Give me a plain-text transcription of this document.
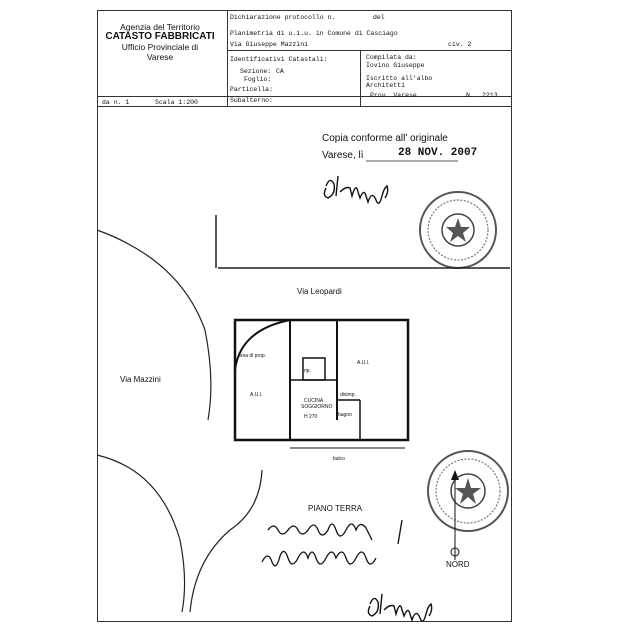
Agenzia del Territorio
CATASTO FABBRICATI
Ufficio Provinciale di
Varese
Dichiarazione protocollo n.	del
Planimetria di u.i.u. in Comune di Casciago
Via Giuseppe Mazzini	civ. 2
Identificativi Catastali:
Sezione: CA
Foglio:
Particella:
Subalterno:
Compilata da:
Iovino Giuseppe
Iscritto all'albo
Architetti
Prov. Varese	N. 2213
da n. 1	Scala 1:200
Copia conforme all' originale
Varese, lì	28 NOV. 2007
Via Leopardi
Via Mazzini
area di prop.
A.U.I.
A.U.I.
rip.
disimp.
CUCINA
SOGGIORNO
H 270	bagno
balco
PIANO TERRA
NORD
